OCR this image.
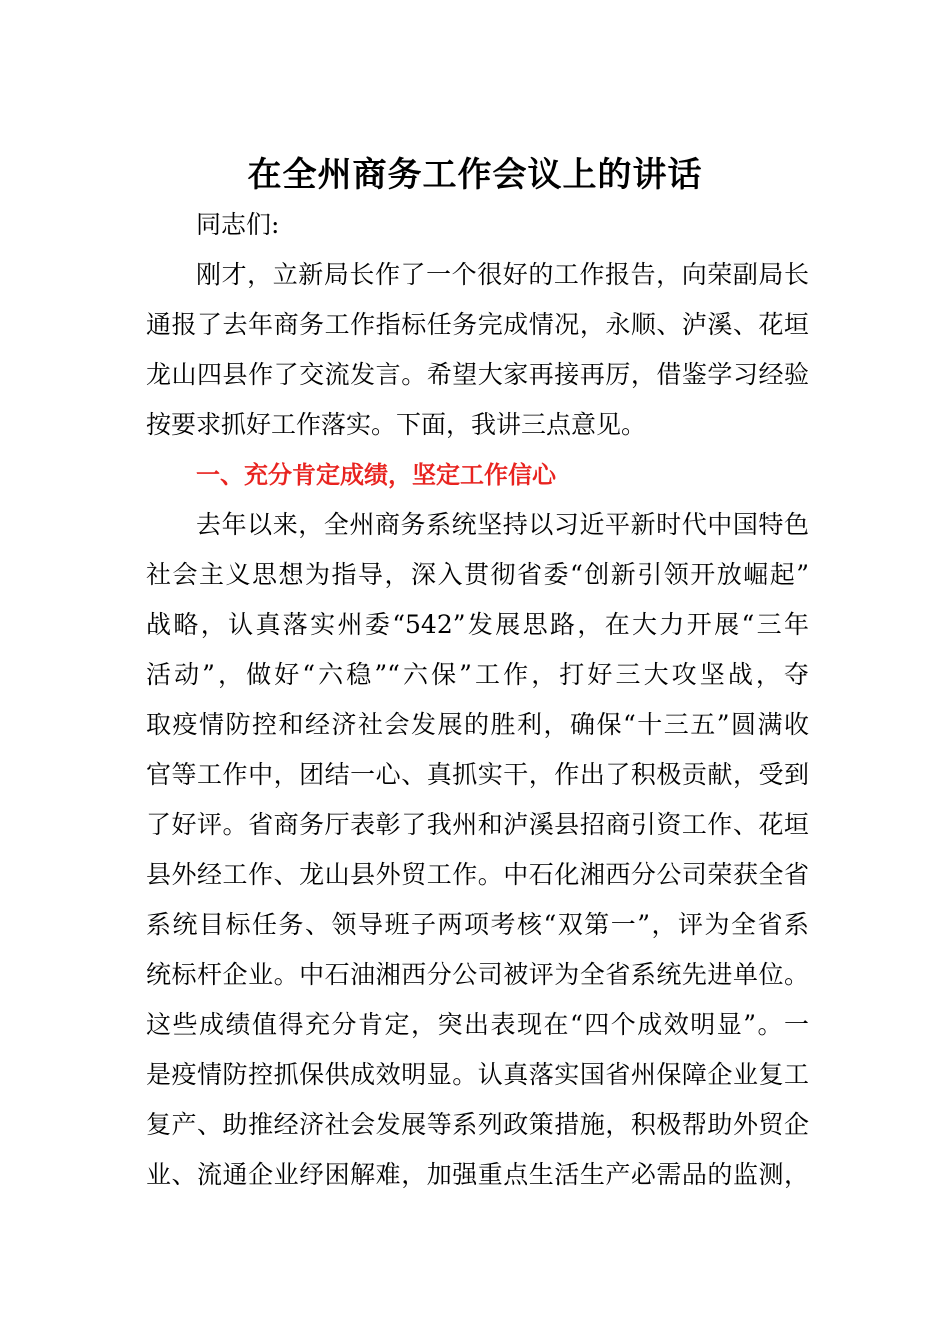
在全州商务工作会议上的讲话
同志们:
刚才，立新局长作了一个很好的工作报告，向荣副局长
通报了去年商务工作指标任务完成情况，永顺、泸溪、花垣
龙山四县作了交流发言。希望大家再接再厉，借鉴学习经验
按要求抓好工作落实。下面，我讲三点意见。
一、充分肯定成绩，坚定工作信心
去年以来，全州商务系统坚持以习近平新时代中国特色
社会主义思想为指导，深入贯彻省委“创新引领开放崛起”
战略，认真落实州委“542”发展思路，在大力开展“三年
活动”，做好“六稳”“六保”工作，打好三大攻坚战，夺
取疫情防控和经济社会发展的胜利，确保“十三五”圆满收
官等工作中，团结一心、真抓实干，作出了积极贡献，受到
了好评。省商务厅表彰了我州和泸溪县招商引资工作、花垣
县外经工作、龙山县外贸工作。中石化湘西分公司荣获全省
系统目标任务、领导班子两项考核“双第一”，评为全省系
统标杆企业。中石油湘西分公司被评为全省系统先进单位。
这些成绩值得充分肯定，突出表现在“四个成效明显”。一
是疫情防控抓保供成效明显。认真落实国省州保障企业复工
复产、助推经济社会发展等系列政策措施，积极帮助外贸企
业、流通企业纾困解难，加强重点生活生产必需品的监测，
